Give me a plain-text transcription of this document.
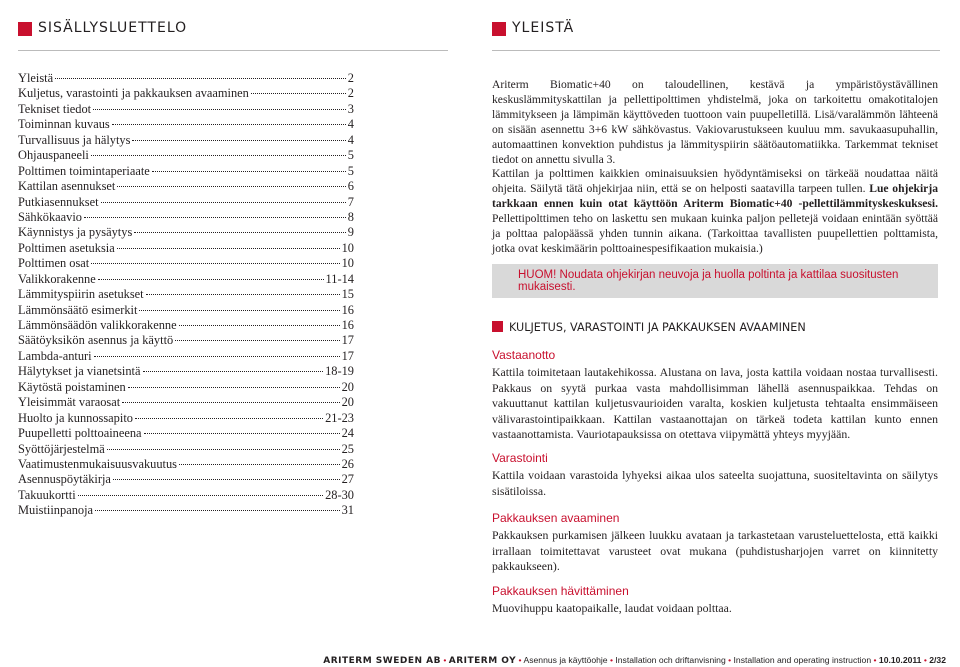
SISÄLLYSLUETTELO	YLEISTÄ
Yleistä	2
Kuljetus, varastointi ja pakkauksen avaaminen	2
Tekniset tiedot	3
Toiminnan kuvaus	4
Turvallisuus ja hälytys	4
Ohjauspaneeli	5
Polttimen toimintaperiaate	5
Kattilan asennukset	6
Putkiasennukset	7
Sähkökaavio	8
Käynnistys ja pysäytys	9
Polttimen asetuksia	10
Polttimen osat	10
Valikkorakenne	11-14
Lämmityspiirin asetukset	15
Lämmönsäätö esimerkit	16
Lämmönsäädön valikkorakenne	16
Säätöyksikön asennus ja käyttö	17
Lambda-anturi	17
Hälytykset ja vianetsintä	18-19
Käytöstä poistaminen	20
Yleisimmät varaosat	20
Huolto ja kunnossapito	21-23
Puupelletti polttoaineena	24
Syöttöjärjestelmä	25
Vaatimustenmukaisuusvakuutus	26
Asennuspöytäkirja	27
Takuukortti	28-30
Muistiinpanoja	31

Ariterm Biomatic+40 on taloudellinen, kestävä ja ympäristöystävällinen keskuslämmityskattilan ja pellettipolttimen yhdistelmä, joka on tarkoitettu omakotitalojen lämmitykseen ja lämpimän käyttöveden tuottoon vain puupelletillä. Lisä/varalämmön lähteenä on sisään asennettu 3+6 kW sähkövastus. Vakiovarustukseen kuuluu mm. savukaasupuhallin, automaattinen konvektion puhdistus ja lämmityspiirin säätöautomatiikka. Tarkemmat tekniset tiedot on annettu sivulla 3.

Kattilan ja polttimen kaikkien ominaisuuksien hyödyntämiseksi on tärkeää noudattaa näitä ohjeita. Säilytä tätä ohjekirjaa niin, että se on helposti saatavilla tarpeen tullen. Lue ohjekirja tarkkaan ennen kuin otat käyttöön Ariterm Biomatic+40 -pellettilämmityskeskuksesi. Pellettipolttimen teho on laskettu sen mukaan kuinka paljon pelletejä voidaan enintään syöttää ja polttaa palopäässä yhden tunnin aikana. (Tarkoittaa tavallisten puupellettien polttamista, jotka ovat keskimäärin polttoainespesifikaation mukaisia.)

HUOM! Noudata ohjekirjan neuvoja ja huolla poltinta ja kattilaa suositusten mukaisesti.
KULJETUS, VARASTOINTI JA PAKKAUKSEN AVAAMINEN
Vastaanotto

Kattila toimitetaan lautakehikossa. Alustana on lava, josta kattila voidaan nostaa turvallisesti. Pakkaus on syytä purkaa vasta mahdollisimman lähellä asennuspaikkaa. Tehdas on vakuuttanut kattilan kuljetusvaurioiden varalta, koskien kuljetusta tehtaalta ensimmäiseen välivarastointipaikkaan. Kattilan vastaanottajan on tärkeä todeta kattilan kunto ennen vastaanottamista. Vauriotapauksissa on otettava viipymättä yhteys myyjään.

Varastointi

Kattila voidaan varastoida lyhyeksi aikaa ulos sateelta suojattuna, suositeltavinta on säilytys sisätiloissa.

Pakkauksen avaaminen

Pakkauksen purkamisen jälkeen luukku avataan ja tarkastetaan varusteluettelosta, että kaikki irrallaan toimitettavat varusteet ovat mukana (puhdistusharjojen varret on kiinnitetty pakkaukseen).

Pakkauksen hävittäminen

Muovihuppu kaatopaikalle, laudat voidaan polttaa.

ARITERM SWEDEN AB • ARITERM OY • Asennus ja käyttöohje • Installation och driftanvisning • Installation and operating instruction • 10.10.2011 • 2/32
